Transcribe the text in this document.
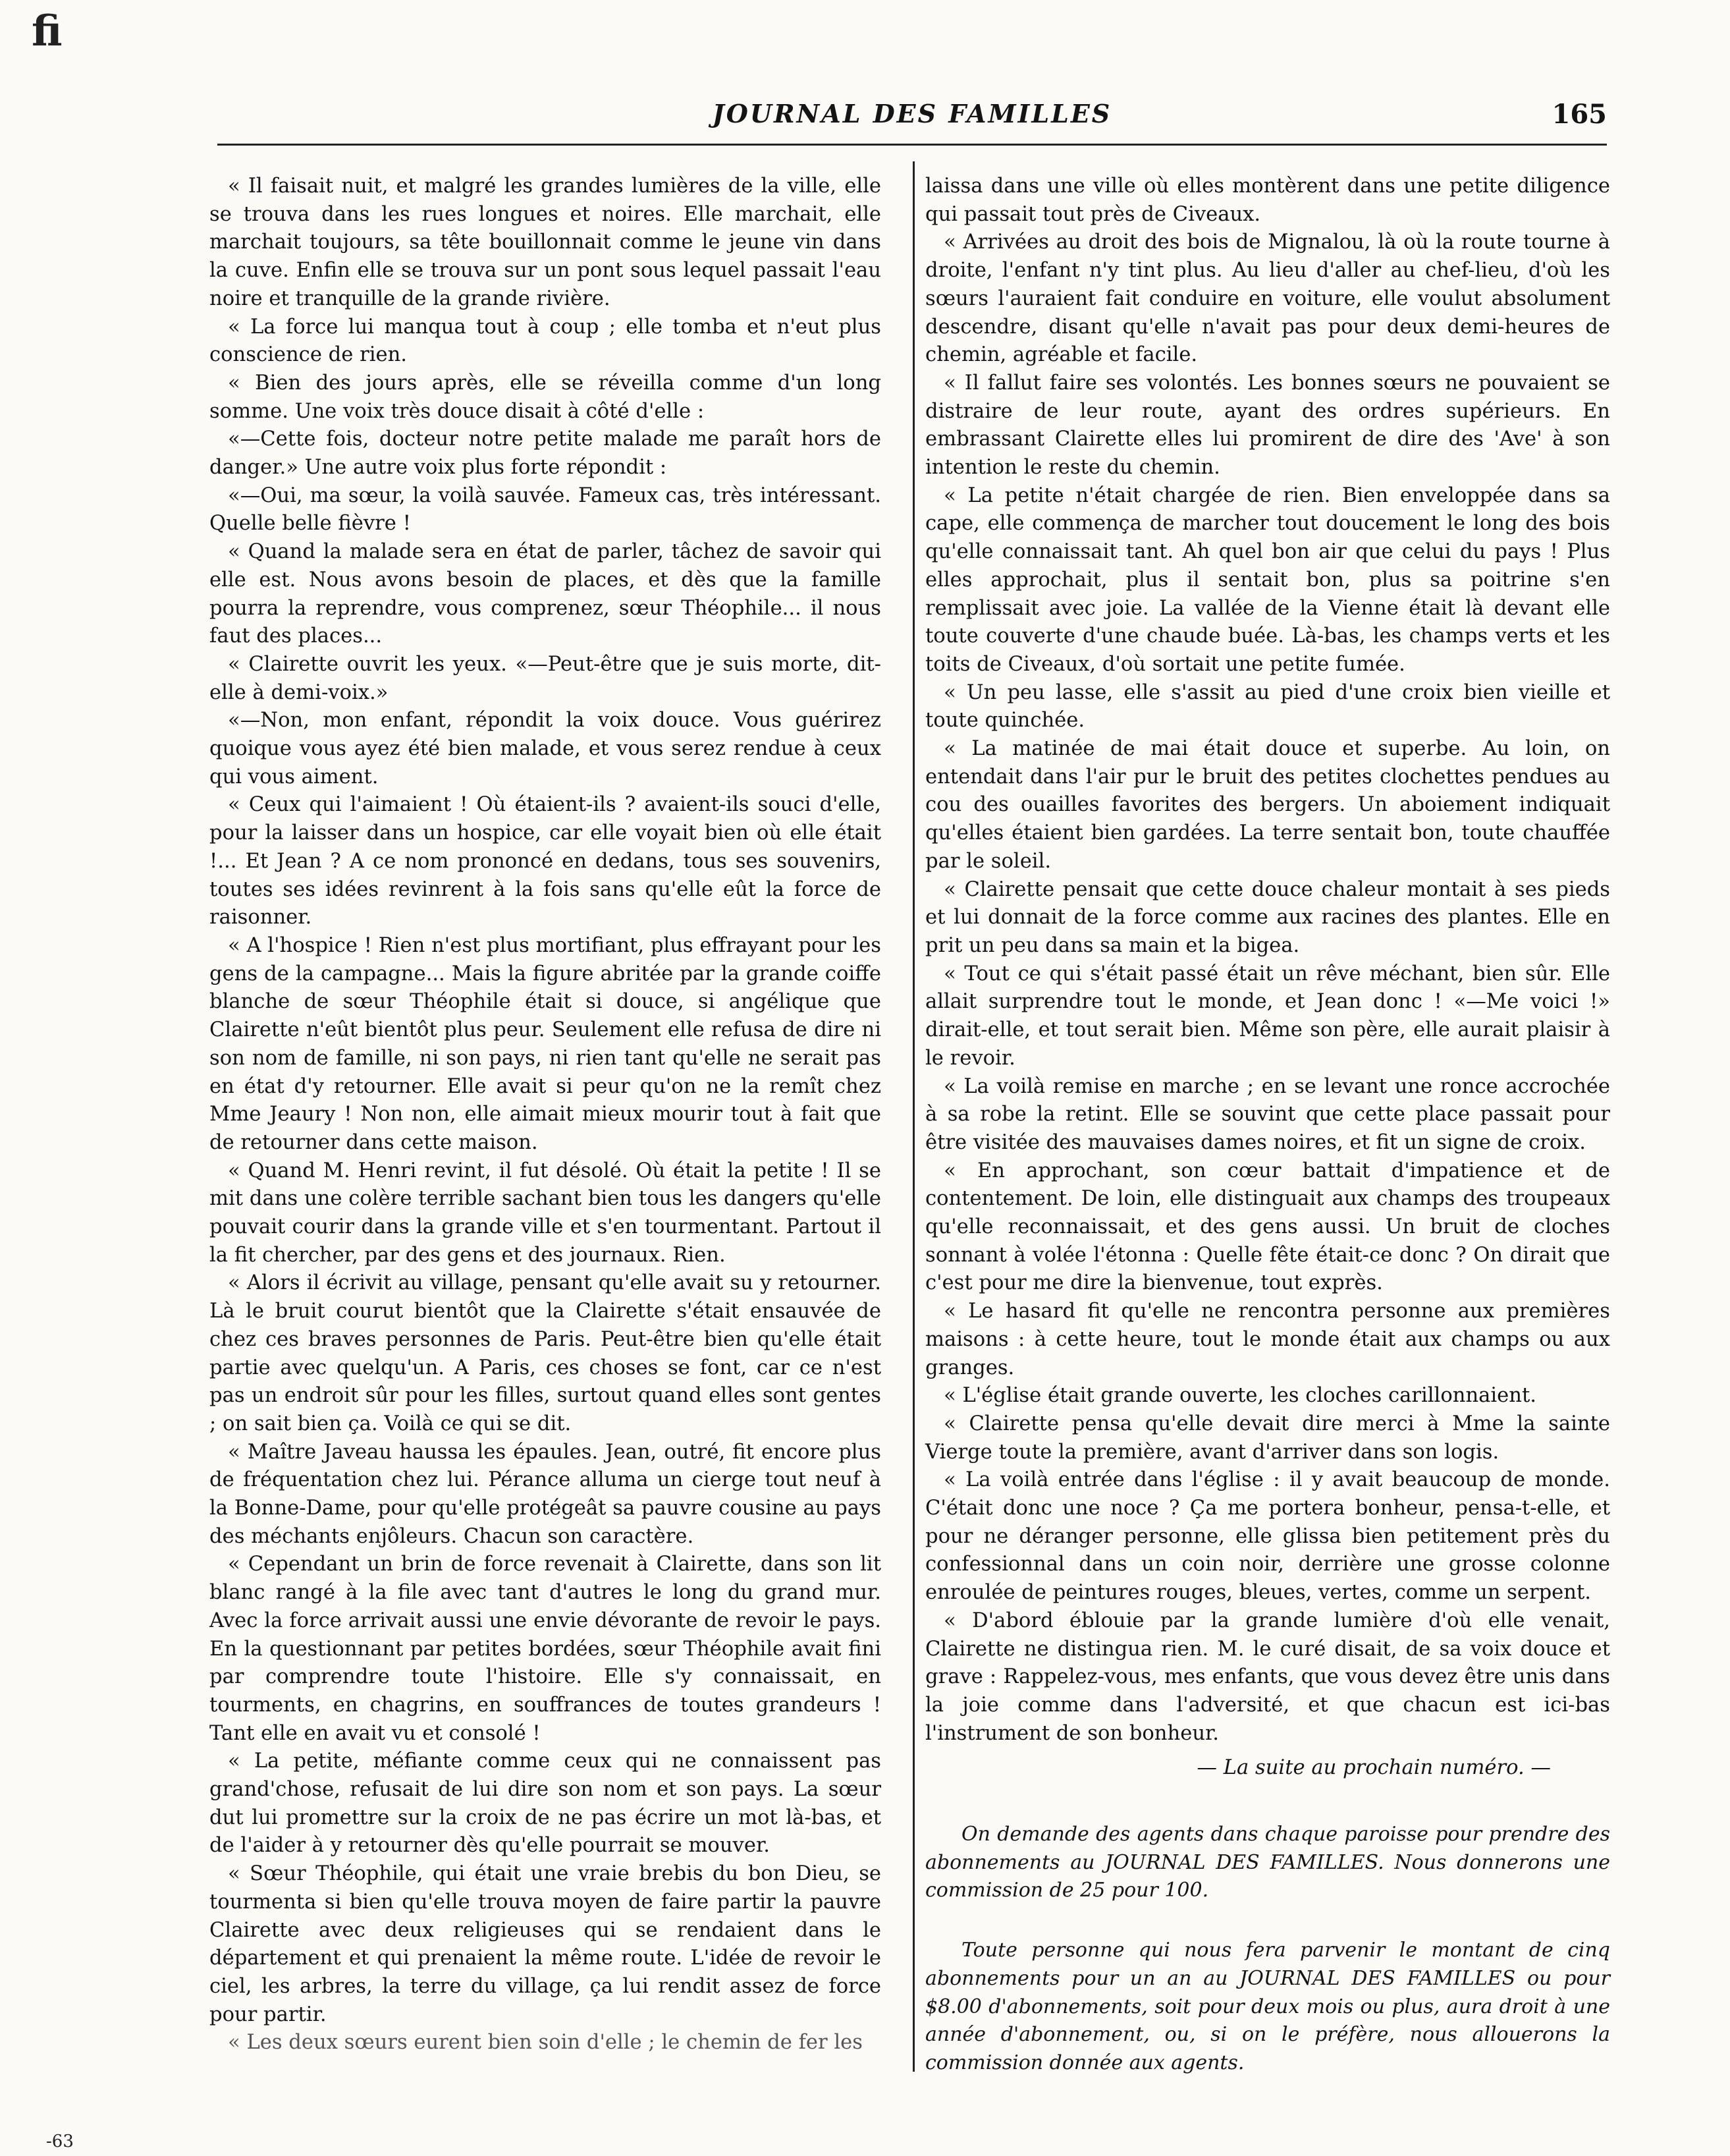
ﬁ
JOURNAL DES FAMILLES	165

« Il faisait nuit, et malgré les grandes lumières de la ville, elle se trouva dans les rues longues et noires. Elle marchait, elle marchait toujours, sa tête bouillonnait comme le jeune vin dans la cuve. Enfin elle se trouva sur un pont sous lequel passait l'eau noire et tranquille de la grande rivière.

« La force lui manqua tout à coup ; elle tomba et n'eut plus conscience de rien.

« Bien des jours après, elle se réveilla comme d'un long somme. Une voix très douce disait à côté d'elle :

«—Cette fois, docteur notre petite malade me paraît hors de danger.» Une autre voix plus forte répondit :

«—Oui, ma sœur, la voilà sauvée. Fameux cas, très intéressant. Quelle belle fièvre !

« Quand la malade sera en état de parler, tâchez de savoir qui elle est. Nous avons besoin de places, et dès que la famille pourra la reprendre, vous comprenez, sœur Théophile... il nous faut des places...

« Clairette ouvrit les yeux. «—Peut-être que je suis morte, dit-elle à demi-voix.»

«—Non, mon enfant, répondit la voix douce. Vous guérirez quoique vous ayez été bien malade, et vous serez rendue à ceux qui vous aiment.

« Ceux qui l'aimaient ! Où étaient-ils ? avaient-ils souci d'elle, pour la laisser dans un hospice, car elle voyait bien où elle était !... Et Jean ? A ce nom prononcé en dedans, tous ses souvenirs, toutes ses idées revinrent à la fois sans qu'elle eût la force de raisonner.

« A l'hospice ! Rien n'est plus mortifiant, plus effrayant pour les gens de la campagne... Mais la figure abritée par la grande coiffe blanche de sœur Théophile était si douce, si angélique que Clairette n'eût bientôt plus peur. Seulement elle refusa de dire ni son nom de famille, ni son pays, ni rien tant qu'elle ne serait pas en état d'y retourner. Elle avait si peur qu'on ne la remît chez Mme Jeaury ! Non non, elle aimait mieux mourir tout à fait que de retourner dans cette maison.

« Quand M. Henri revint, il fut désolé. Où était la petite ! Il se mit dans une colère terrible sachant bien tous les dangers qu'elle pouvait courir dans la grande ville et s'en tourmentant. Partout il la fit chercher, par des gens et des journaux. Rien.

« Alors il écrivit au village, pensant qu'elle avait su y retourner. Là le bruit courut bientôt que la Clairette s'était ensauvée de chez ces braves personnes de Paris. Peut-être bien qu'elle était partie avec quelqu'un. A Paris, ces choses se font, car ce n'est pas un endroit sûr pour les filles, surtout quand elles sont gentes ; on sait bien ça. Voilà ce qui se dit.

« Maître Javeau haussa les épaules. Jean, outré, fit encore plus de fréquentation chez lui. Pérance alluma un cierge tout neuf à la Bonne-Dame, pour qu'elle protégeât sa pauvre cousine au pays des méchants enjôleurs. Chacun son caractère.

« Cependant un brin de force revenait à Clairette, dans son lit blanc rangé à la file avec tant d'autres le long du grand mur. Avec la force arrivait aussi une envie dévorante de revoir le pays. En la questionnant par petites bordées, sœur Théophile avait fini par comprendre toute l'histoire. Elle s'y connaissait, en tourments, en chagrins, en souffrances de toutes grandeurs ! Tant elle en avait vu et consolé !

« La petite, méfiante comme ceux qui ne connaissent pas grand'chose, refusait de lui dire son nom et son pays. La sœur dut lui promettre sur la croix de ne pas écrire un mot là-bas, et de l'aider à y retourner dès qu'elle pourrait se mouver.

« Sœur Théophile, qui était une vraie brebis du bon Dieu, se tourmenta si bien qu'elle trouva moyen de faire partir la pauvre Clairette avec deux religieuses qui se rendaient dans le département et qui prenaient la même route. L'idée de revoir le ciel, les arbres, la terre du village, ça lui rendit assez de force pour partir.

« Les deux sœurs eurent bien soin d'elle ; le chemin de fer les

laissa dans une ville où elles montèrent dans une petite diligence qui passait tout près de Civeaux.

« Arrivées au droit des bois de Mignalou, là où la route tourne à droite, l'enfant n'y tint plus. Au lieu d'aller au chef-lieu, d'où les sœurs l'auraient fait conduire en voiture, elle voulut absolument descendre, disant qu'elle n'avait pas pour deux demi-heures de chemin, agréable et facile.

« Il fallut faire ses volontés. Les bonnes sœurs ne pouvaient se distraire de leur route, ayant des ordres supérieurs. En embrassant Clairette elles lui promirent de dire des 'Ave' à son intention le reste du chemin.

« La petite n'était chargée de rien. Bien enveloppée dans sa cape, elle commença de marcher tout doucement le long des bois qu'elle connaissait tant. Ah quel bon air que celui du pays ! Plus elles approchait, plus il sentait bon, plus sa poitrine s'en remplissait avec joie. La vallée de la Vienne était là devant elle toute couverte d'une chaude buée. Là-bas, les champs verts et les toits de Civeaux, d'où sortait une petite fumée.

« Un peu lasse, elle s'assit au pied d'une croix bien vieille et toute quinchée.

« La matinée de mai était douce et superbe. Au loin, on entendait dans l'air pur le bruit des petites clochettes pendues au cou des ouailles favorites des bergers. Un aboiement indiquait qu'elles étaient bien gardées. La terre sentait bon, toute chauffée par le soleil.

« Clairette pensait que cette douce chaleur montait à ses pieds et lui donnait de la force comme aux racines des plantes. Elle en prit un peu dans sa main et la bigea.

« Tout ce qui s'était passé était un rêve méchant, bien sûr. Elle allait surprendre tout le monde, et Jean donc ! «—Me voici !» dirait-elle, et tout serait bien. Même son père, elle aurait plaisir à le revoir.

« La voilà remise en marche ; en se levant une ronce accrochée à sa robe la retint. Elle se souvint que cette place passait pour être visitée des mauvaises dames noires, et fit un signe de croix.

« En approchant, son cœur battait d'impatience et de contentement. De loin, elle distinguait aux champs des troupeaux qu'elle reconnaissait, et des gens aussi. Un bruit de cloches sonnant à volée l'étonna : Quelle fête était-ce donc ? On dirait que c'est pour me dire la bienvenue, tout exprès.

« Le hasard fit qu'elle ne rencontra personne aux premières maisons : à cette heure, tout le monde était aux champs ou aux granges.

« L'église était grande ouverte, les cloches carillonnaient.

« Clairette pensa qu'elle devait dire merci à Mme la sainte Vierge toute la première, avant d'arriver dans son logis.

« La voilà entrée dans l'église : il y avait beaucoup de monde. C'était donc une noce ? Ça me portera bonheur, pensa-t-elle, et pour ne déranger personne, elle glissa bien petitement près du confessionnal dans un coin noir, derrière une grosse colonne enroulée de peintures rouges, bleues, vertes, comme un serpent.

« D'abord éblouie par la grande lumière d'où elle venait, Clairette ne distingua rien. M. le curé disait, de sa voix douce et grave : Rappelez-vous, mes enfants, que vous devez être unis dans la joie comme dans l'adversité, et que chacun est ici-bas l'instrument de son bonheur.

— La suite au prochain numéro. —

On demande des agents dans chaque paroisse pour prendre des abonnements au JOURNAL DES FAMILLES. Nous donnerons une commission de 25 pour 100.

Toute personne qui nous fera parvenir le montant de cinq abonnements pour un an au JOURNAL DES FAMILLES ou pour $8.00 d'abonnements, soit pour deux mois ou plus, aura droit à une année d'abonnement, ou, si on le préfère, nous allouerons la commission donnée aux agents.

-63
